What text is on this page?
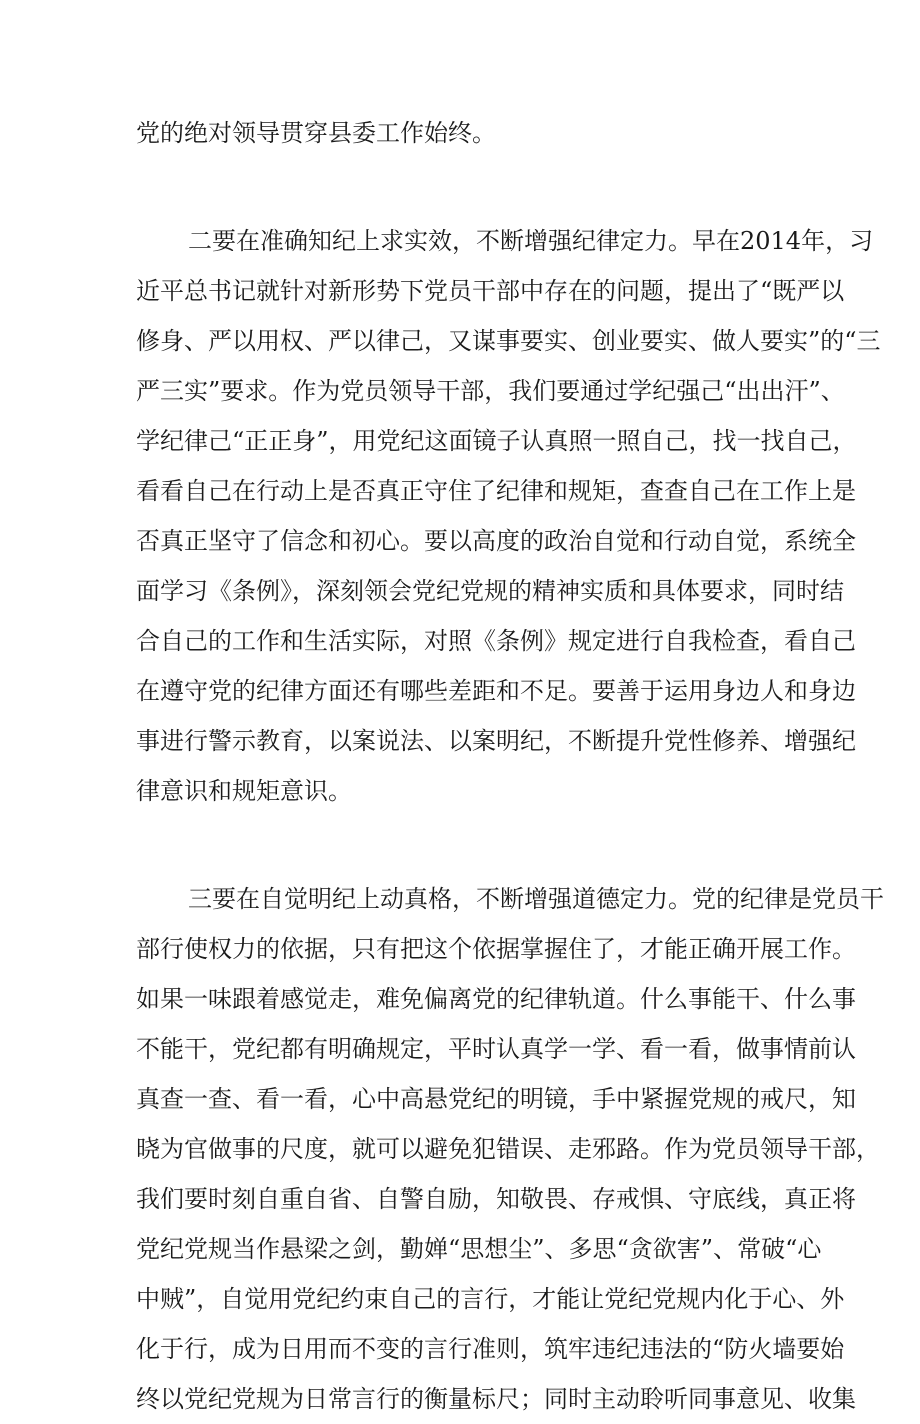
党的绝对领导贯穿县委工作始终。
二要在准确知纪上求实效，不断增强纪律定力。早在2014年，习
近平总书记就针对新形势下党员干部中存在的问题，提出了“既严以
修身、严以用权、严以律己，又谋事要实、创业要实、做人要实”的“三
严三实”要求。作为党员领导干部，我们要通过学纪强己“出出汗”、
学纪律己“正正身”，用党纪这面镜子认真照一照自己，找一找自己，
看看自己在行动上是否真正守住了纪律和规矩，查查自己在工作上是
否真正坚守了信念和初心。要以高度的政治自觉和行动自觉，系统全
面学习《条例》，深刻领会党纪党规的精神实质和具体要求，同时结
合自己的工作和生活实际，对照《条例》规定进行自我检查，看自己
在遵守党的纪律方面还有哪些差距和不足。要善于运用身边人和身边
事进行警示教育，以案说法、以案明纪，不断提升党性修养、增强纪
律意识和规矩意识。
三要在自觉明纪上动真格，不断增强道德定力。党的纪律是党员干
部行使权力的依据，只有把这个依据掌握住了，才能正确开展工作。
如果一味跟着感觉走，难免偏离党的纪律轨道。什么事能干、什么事
不能干，党纪都有明确规定，平时认真学一学、看一看，做事情前认
真查一查、看一看，心中高悬党纪的明镜，手中紧握党规的戒尺，知
晓为官做事的尺度，就可以避免犯错误、走邪路。作为党员领导干部，
我们要时刻自重自省、自警自励，知敬畏、存戒惧、守底线，真正将
党纪党规当作悬梁之剑，勤婵“思想尘”、多思“贪欲害”、常破“心
中贼”，自觉用党纪约束自己的言行，才能让党纪党规内化于心、外
化于行，成为日用而不变的言行准则，筑牢违纪违法的“防火墙要始
终以党纪党规为日常言行的衡量标尺；同时主动聆听同事意见、收集
